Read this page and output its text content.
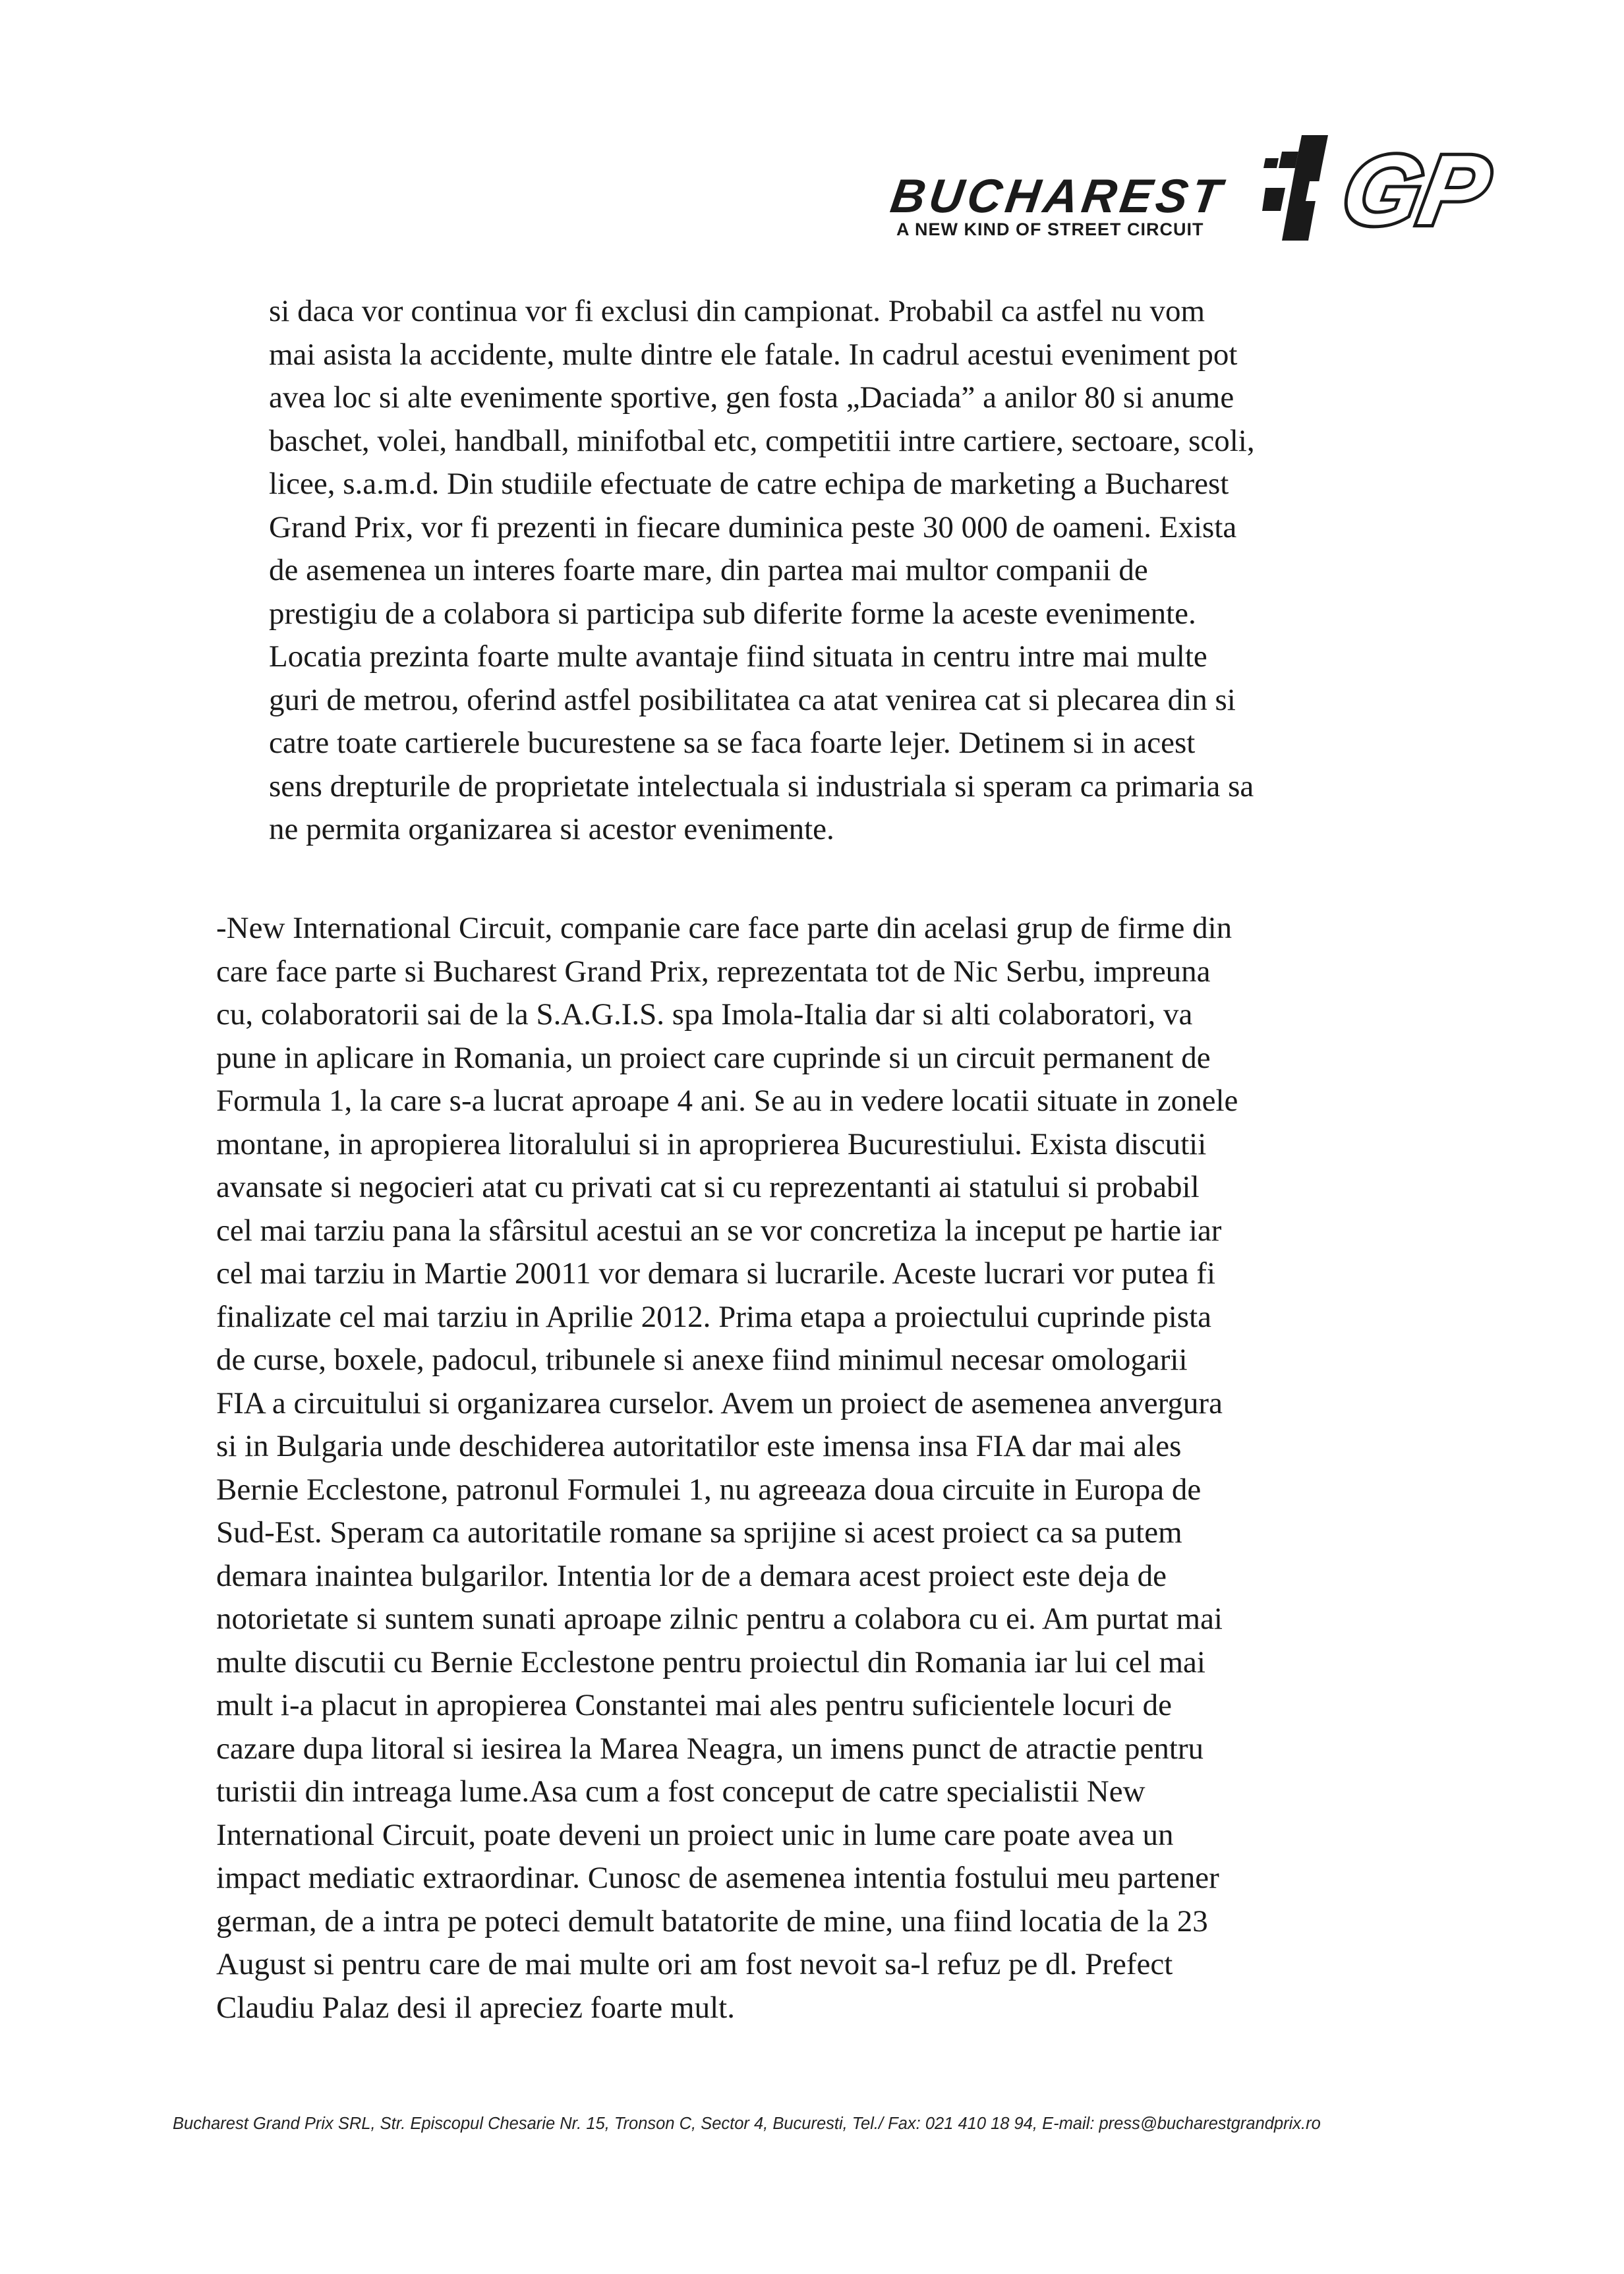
BUCHAREST
A NEW KIND OF STREET CIRCUIT GP
si daca vor continua vor fi exclusi din campionat. Probabil ca astfel nu vom
mai asista la accidente, multe dintre ele fatale. In cadrul acestui eveniment pot
avea loc si alte evenimente sportive, gen fosta „Daciada” a anilor 80 si anume
baschet, volei, handball, minifotbal etc, competitii intre cartiere, sectoare, scoli,
licee, s.a.m.d. Din studiile efectuate de catre echipa de marketing a Bucharest
Grand Prix, vor fi prezenti in fiecare duminica peste 30 000 de oameni. Exista
de asemenea un interes foarte mare, din partea mai multor companii de
prestigiu de a colabora si participa sub diferite forme la aceste evenimente.
Locatia prezinta foarte multe avantaje fiind situata in centru intre mai multe
guri de metrou, oferind astfel posibilitatea ca atat venirea cat si plecarea din si
catre toate cartierele bucurestene sa se faca foarte lejer. Detinem si in acest
sens drepturile de proprietate intelectuala si industriala si speram ca primaria sa
ne permita organizarea si acestor evenimente.
-New International Circuit, companie care face parte din acelasi grup de firme din
care face parte si Bucharest Grand Prix, reprezentata tot de Nic Serbu, impreuna
cu, colaboratorii sai de la S.A.G.I.S. spa Imola-Italia dar si alti colaboratori, va
pune in aplicare in Romania, un proiect care cuprinde si un circuit permanent de
Formula 1, la care s-a lucrat aproape 4 ani. Se au in vedere locatii situate in zonele
montane, in apropierea litoralului si in aproprierea Bucurestiului. Exista discutii
avansate si negocieri atat cu privati cat si cu reprezentanti ai statului si probabil
cel mai tarziu pana la sfârsitul acestui an se vor concretiza la inceput pe hartie iar
cel mai tarziu in Martie 20011 vor demara si lucrarile. Aceste lucrari vor putea fi
finalizate cel mai tarziu in Aprilie 2012. Prima etapa a proiectului cuprinde pista
de curse, boxele, padocul, tribunele si anexe fiind minimul necesar omologarii
FIA a circuitului si organizarea curselor. Avem un proiect de asemenea anvergura
si in Bulgaria unde deschiderea autoritatilor este imensa insa FIA dar mai ales
Bernie Ecclestone, patronul Formulei 1, nu agreeaza doua circuite in Europa de
Sud-Est. Speram ca autoritatile romane sa sprijine si acest proiect ca sa putem
demara inaintea bulgarilor. Intentia lor de a demara acest proiect este deja de
notorietate si suntem sunati aproape zilnic pentru a colabora cu ei. Am purtat mai
multe discutii cu Bernie Ecclestone pentru proiectul din Romania iar lui cel mai
mult i-a placut in apropierea Constantei mai ales pentru suficientele locuri de
cazare dupa litoral si iesirea la Marea Neagra, un imens punct de atractie pentru
turistii din intreaga lume.Asa cum a fost conceput de catre specialistii New
International Circuit, poate deveni un proiect unic in lume care poate avea un
impact mediatic extraordinar. Cunosc de asemenea intentia fostului meu partener
german, de a intra pe poteci demult batatorite de mine, una fiind locatia de la 23
August si pentru care de mai multe ori am fost nevoit sa-l refuz pe dl. Prefect
Claudiu Palaz desi il apreciez foarte mult.
Bucharest Grand Prix SRL, Str. Episcopul Chesarie Nr. 15, Tronson C, Sector 4, Bucuresti, Tel./ Fax: 021 410 18 94, E-mail: press@bucharestgrandprix.ro
